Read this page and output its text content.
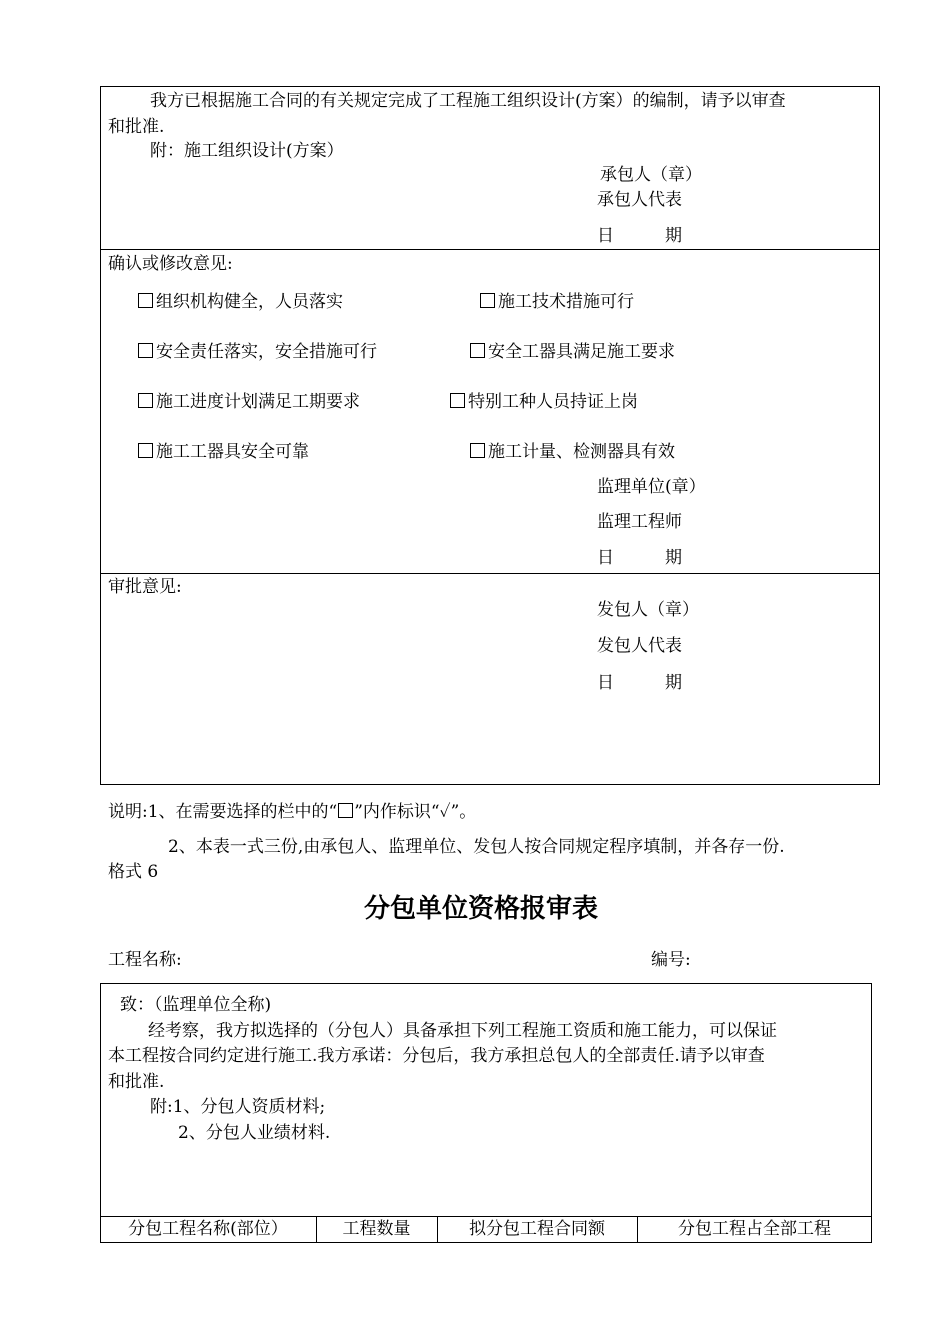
我方已根据施工合同的有关规定完成了工程施工组织设计(方案）的编制，请予以审查
和批准.
附：施工组织设计(方案）
承包人（章）
承包人代表
日　　　期
确认或修改意见:
组织机构健全，人员落实	施工技术措施可行
安全责任落实，安全措施可行	安全工器具满足施工要求
施工进度计划满足工期要求	特别工种人员持证上岗
施工工器具安全可靠	施工计量、检测器具有效
监理单位(章）
监理工程师
日　　　期
审批意见:
发包人（章）
发包人代表
日　　　期
说明:1、在需要选择的栏中的“ ”内作标识“✓”。
2、本表一式三份,由承包人、监理单位、发包人按合同规定程序填制，并各存一份.
格式 6
分包单位资格报审表
工程名称:	编号:
致：（监理单位全称)
经考察，我方拟选择的（分包人）具备承担下列工程施工资质和施工能力，可以保证
本工程按合同约定进行施工.我方承诺：分包后，我方承担总包人的全部责任.请予以审查
和批准.
附:1、分包人资质材料;
2、分包人业绩材料.
分包工程名称(部位）	工程数量	拟分包工程合同额	分包工程占全部工程
